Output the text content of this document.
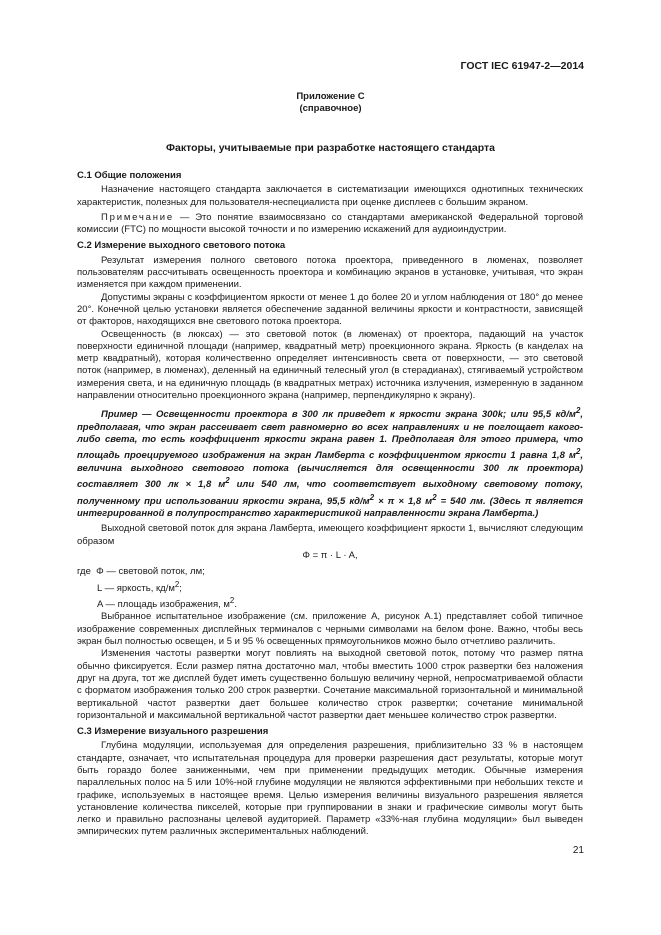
ГОСТ IEC 61947-2—2014
Приложение С
(справочное)
Факторы, учитываемые при разработке настоящего стандарта
С.1 Общие положения

Назначение настоящего стандарта заключается в систематизации имеющихся однотипных технических характеристик, полезных для пользователя-неспециалиста при оценке дисплеев с большим экраном.

Примечание — Это понятие взаимосвязано со стандартами американской Федеральной торговой комиссии (FTC) по мощности высокой точности и по измерению искажений для аудиоиндустрии.

С.2 Измерение выходного светового потока

Результат измерения полного светового потока проектора, приведенного в люменах, позволяет пользователям рассчитывать освещенность проектора и комбинацию экранов в установке, учитывая, что экран изменяется при каждом применении.

Допустимы экраны с коэффициентом яркости от менее 1 до более 20 и углом наблюдения от 180° до менее 20°. Конечной целью установки является обеспечение заданной величины яркости и контрастности, зависящей от факторов, находящихся вне светового потока проектора.

Освещенность (в люксах) — это световой поток (в люменах) от проектора, падающий на участок поверхности единичной площади (например, квадратный метр) проекционного экрана. Яркость (в канделах на метр квадратный), которая количественно определяет интенсивность света от поверхности, — это световой поток (например, в люменах), деленный на единичный телесный угол (в стерадианах), стягиваемый устройством измерения света, и на единичную площадь (в квадратных метрах) источника излучения, измеренную в заданном направлении относительно проекционного экрана (например, перпендикулярно к экрану).

Пример — Освещенности проектора в 300 лк приведет к яркости экрана 300k; или 95,5 $кд/м^2$, предполагая, что экран рассеивает свет равномерно во всех направлениях и не поглощает какого-либо света, то есть коэффициент яркости экрана равен 1. Предполагая для этого примера, что площадь проецируемого изображения на экран Ламберта с коэффициентом яркости 1 равна 1,8 $м^2$, величина выходного светового потока (вычисляется для освещенности 300 лк проектора) составляет 300 лк × 1,8 $м^2$ или 540 лм, что соответствует выходному световому потоку, полученному при использовании яркости экрана, 95,5 $кд/м^2 \times \pi \times 1,8$ $м^2 = 540$ лм. (Здесь π является интегрированной в полупространство характеристикой направленности экрана Ламберта.)

Выходной световой поток для экрана Ламберта, имеющего коэффициент яркости 1, вычисляют следующим образом

Φ = π · L · A,
где Φ — световой поток, лм;
L — яркость, $кд/м^2$;
A — площадь изображения, $м^2$.

Выбранное испытательное изображение (см. приложение А, рисунок А.1) представляет собой типичное изображение современных дисплейных терминалов с черными символами на белом фоне. Важно, чтобы весь экран был полностью освещен, и 5 и 95 % освещенных прямоугольников можно было отчетливо различить.

Изменения частоты развертки могут повлиять на выходной световой поток, потому что размер пятна обычно фиксируется. Если размер пятна достаточно мал, чтобы вместить 1000 строк развертки без наложения друг на друга, тот же дисплей будет иметь существенно большую величину черной, непросматриваемой области с форматом изображения только 200 строк развертки. Сочетание максимальной горизонтальной и минимальной вертикальной частот развертки дает большее количество строк развертки; сочетание минимальной горизонтальной и максимальной вертикальной частот развертки дает меньшее количество строк развертки.

С.3 Измерение визуального разрешения

Глубина модуляции, используемая для определения разрешения, приблизительно 33 % в настоящем стандарте, означает, что испытательная процедура для проверки разрешения даст результаты, которые могут быть гораздо более заниженными, чем при применении предыдущих методик. Обычные измерения параллельных полос на 5 или 10%-ной глубине модуляции не являются эффективными при небольших тексте и графике, используемых в настоящее время. Целью измерения величины визуального разрешения является установление количества пикселей, которые при группировании в знаки и графические символы могут быть легко и правильно распознаны целевой аудиторией. Параметр «33%-ная глубина модуляции» был выведен эмпирических путем различных экспериментальных наблюдений.

21
